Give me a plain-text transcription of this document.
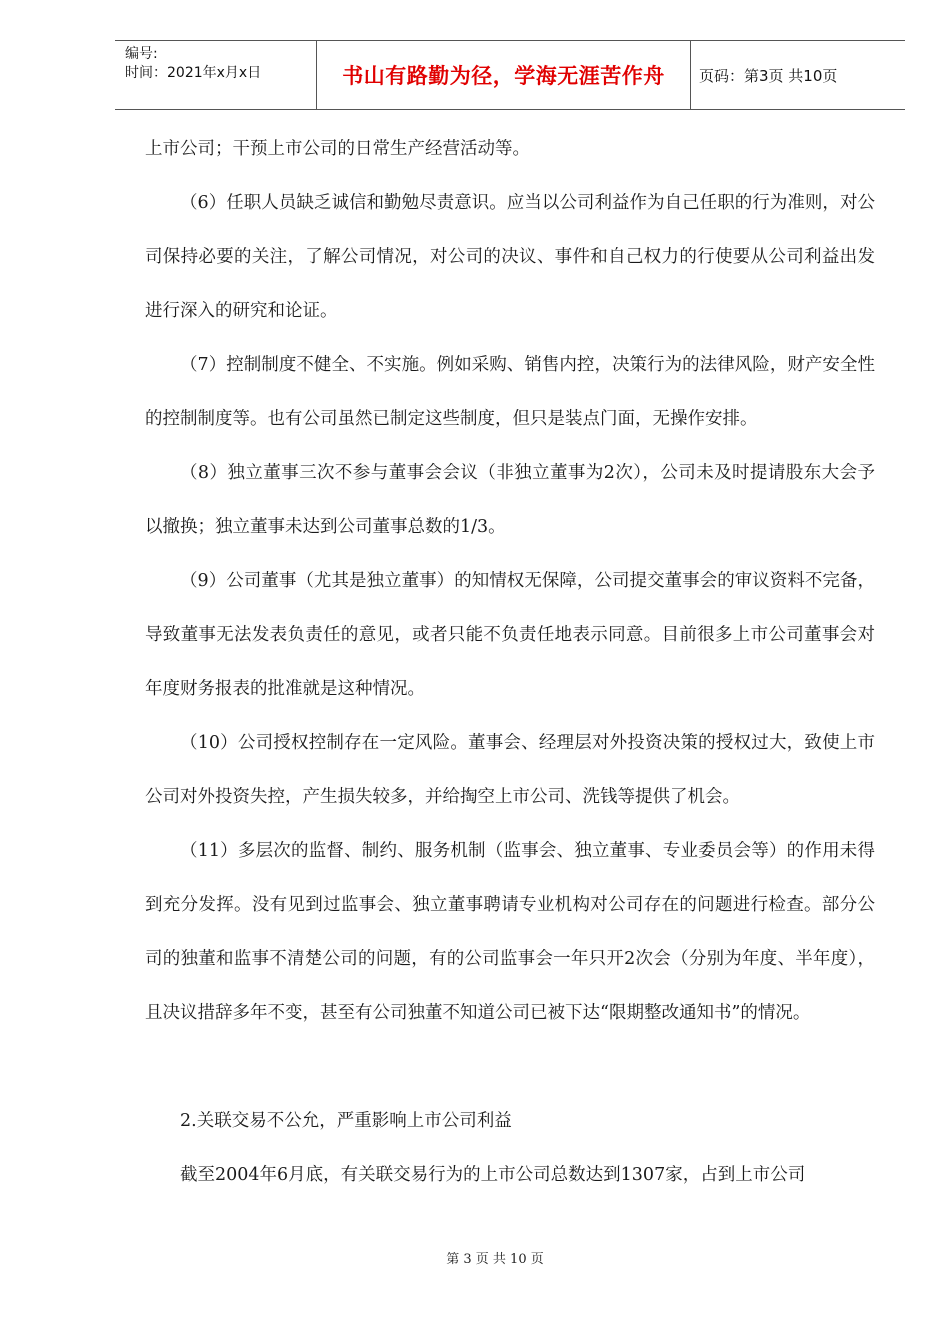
编号:
时间：2021年x月x日	书山有路勤为径，学海无涯苦作舟	页码：第3页 共10页

上市公司；干预上市公司的日常生产经营活动等。

（6）任职人员缺乏诚信和勤勉尽责意识。应当以公司利益作为自己任职的行为准则，对公司保持必要的关注，了解公司情况，对公司的决议、事件和自己权力的行使要从公司利益出发进行深入的研究和论证。

（7）控制制度不健全、不实施。例如采购、销售内控，决策行为的法律风险，财产安全性的控制制度等。也有公司虽然已制定这些制度，但只是装点门面，无操作安排。

（8）独立董事三次不参与董事会会议（非独立董事为2次），公司未及时提请股东大会予以撤换；独立董事未达到公司董事总数的1/3。

（9）公司董事（尤其是独立董事）的知情权无保障，公司提交董事会的审议资料不完备，导致董事无法发表负责任的意见，或者只能不负责任地表示同意。目前很多上市公司董事会对年度财务报表的批准就是这种情况。

（10）公司授权控制存在一定风险。董事会、经理层对外投资决策的授权过大，致使上市公司对外投资失控，产生损失较多，并给掏空上市公司、洗钱等提供了机会。

（11）多层次的监督、制约、服务机制（监事会、独立董事、专业委员会等）的作用未得到充分发挥。没有见到过监事会、独立董事聘请专业机构对公司存在的问题进行检查。部分公司的独董和监事不清楚公司的问题，有的公司监事会一年只开2次会（分别为年度、半年度），且决议措辞多年不变，甚至有公司独董不知道公司已被下达“限期整改通知书”的情况。

2.关联交易不公允，严重影响上市公司利益

截至2004年6月底，有关联交易行为的上市公司总数达到1307家，占到上市公司

第 3 页 共 10 页
